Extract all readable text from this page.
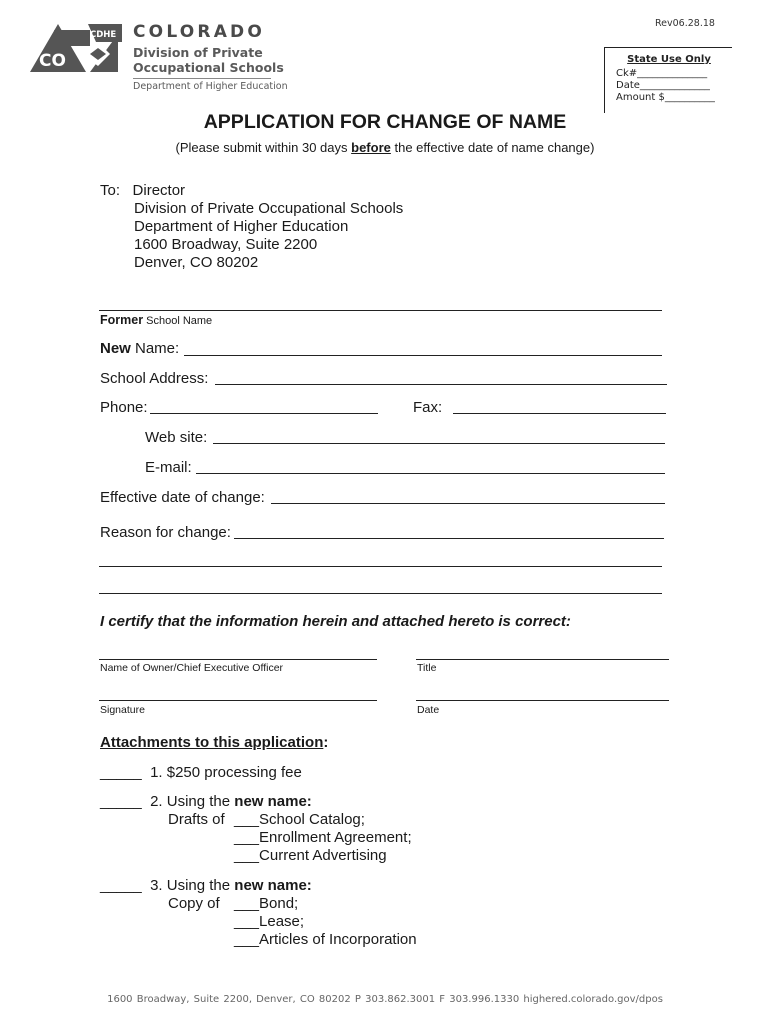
CDHE
CO
COLORADO
Division of Private
Occupational Schools
Department of Higher Education
Rev06.28.18
State Use Only
Ck#______________
Date______________
Amount $__________
APPLICATION FOR CHANGE OF NAME
(Please submit within 30 days before the effective date of name change)
To: Director
Division of Private Occupational Schools
Department of Higher Education
1600 Broadway, Suite 2200
Denver, CO 80202
Former School Name
New Name:
School Address:
Phone:	Fax:
Web site:
E-mail:
Effective date of change:
Reason for change:
I certify that the information herein and attached hereto is correct:
Name of Owner/Chief Executive Officer	Title
Signature	Date
Attachments to this application:
_____ 1. $250 processing fee
_____ 2. Using the new name:
Drafts of ___School Catalog;
___Enrollment Agreement;
___Current Advertising
_____ 3. Using the new name:
Copy of ___Bond;
___Lease;
___Articles of Incorporation
1600 Broadway, Suite 2200, Denver, CO 80202 P 303.862.3001 F 303.996.1330 highered.colorado.gov/dpos
